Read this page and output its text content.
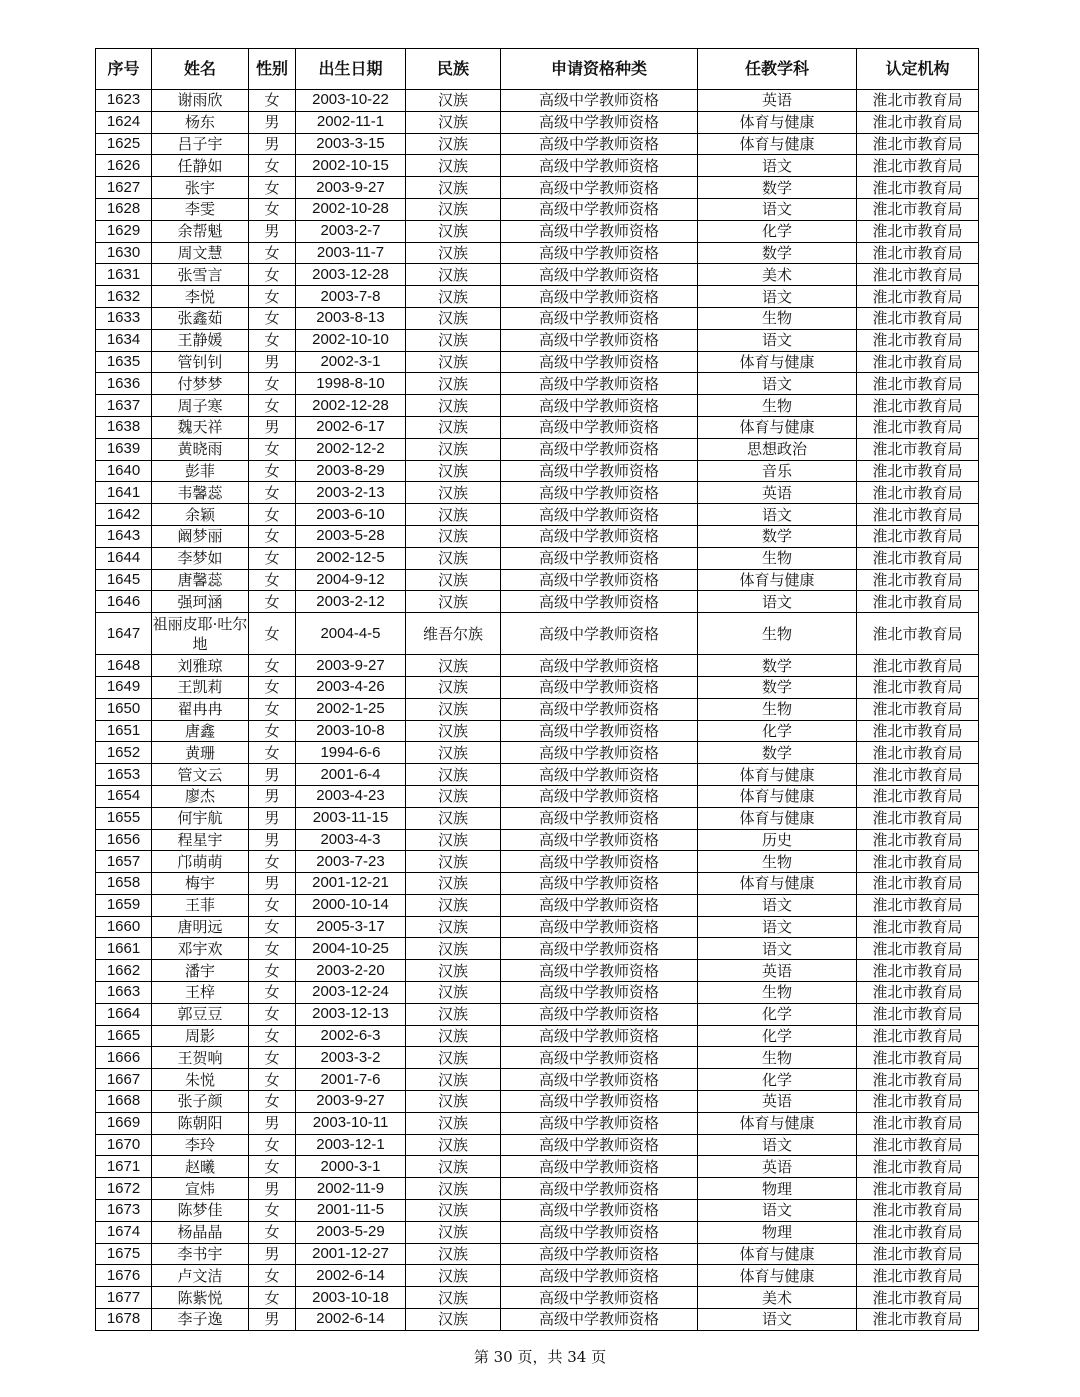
序号	姓名	性别	出生日期	民族	申请资格种类	任教学科	认定机构
1623	谢雨欣	女	2003-10-22	汉族	高级中学教师资格	英语	淮北市教育局
1624	杨东	男	2002-11-1	汉族	高级中学教师资格	体育与健康	淮北市教育局
1625	吕子宇	男	2003-3-15	汉族	高级中学教师资格	体育与健康	淮北市教育局
1626	任静如	女	2002-10-15	汉族	高级中学教师资格	语文	淮北市教育局
1627	张宇	女	2003-9-27	汉族	高级中学教师资格	数学	淮北市教育局
1628	李雯	女	2002-10-28	汉族	高级中学教师资格	语文	淮北市教育局
1629	余帮魁	男	2003-2-7	汉族	高级中学教师资格	化学	淮北市教育局
1630	周文慧	女	2003-11-7	汉族	高级中学教师资格	数学	淮北市教育局
1631	张雪言	女	2003-12-28	汉族	高级中学教师资格	美术	淮北市教育局
1632	李悦	女	2003-7-8	汉族	高级中学教师资格	语文	淮北市教育局
1633	张鑫茹	女	2003-8-13	汉族	高级中学教师资格	生物	淮北市教育局
1634	王静媛	女	2002-10-10	汉族	高级中学教师资格	语文	淮北市教育局
1635	管钊钊	男	2002-3-1	汉族	高级中学教师资格	体育与健康	淮北市教育局
1636	付梦梦	女	1998-8-10	汉族	高级中学教师资格	语文	淮北市教育局
1637	周子寒	女	2002-12-28	汉族	高级中学教师资格	生物	淮北市教育局
1638	魏天祥	男	2002-6-17	汉族	高级中学教师资格	体育与健康	淮北市教育局
1639	黄晓雨	女	2002-12-2	汉族	高级中学教师资格	思想政治	淮北市教育局
1640	彭菲	女	2003-8-29	汉族	高级中学教师资格	音乐	淮北市教育局
1641	韦馨蕊	女	2003-2-13	汉族	高级中学教师资格	英语	淮北市教育局
1642	余颖	女	2003-6-10	汉族	高级中学教师资格	语文	淮北市教育局
1643	阚梦丽	女	2003-5-28	汉族	高级中学教师资格	数学	淮北市教育局
1644	李梦如	女	2002-12-5	汉族	高级中学教师资格	生物	淮北市教育局
1645	唐馨蕊	女	2004-9-12	汉族	高级中学教师资格	体育与健康	淮北市教育局
1646	强珂涵	女	2003-2-12	汉族	高级中学教师资格	语文	淮北市教育局
1647	祖丽皮耶·吐尔地	女	2004-4-5	维吾尔族	高级中学教师资格	生物	淮北市教育局
1648	刘雅琼	女	2003-9-27	汉族	高级中学教师资格	数学	淮北市教育局
1649	王凯莉	女	2003-4-26	汉族	高级中学教师资格	数学	淮北市教育局
1650	翟冉冉	女	2002-1-25	汉族	高级中学教师资格	生物	淮北市教育局
1651	唐鑫	女	2003-10-8	汉族	高级中学教师资格	化学	淮北市教育局
1652	黄珊	女	1994-6-6	汉族	高级中学教师资格	数学	淮北市教育局
1653	管文云	男	2001-6-4	汉族	高级中学教师资格	体育与健康	淮北市教育局
1654	廖杰	男	2003-4-23	汉族	高级中学教师资格	体育与健康	淮北市教育局
1655	何宇航	男	2003-11-15	汉族	高级中学教师资格	体育与健康	淮北市教育局
1656	程星宇	男	2003-4-3	汉族	高级中学教师资格	历史	淮北市教育局
1657	邝萌萌	女	2003-7-23	汉族	高级中学教师资格	生物	淮北市教育局
1658	梅宇	男	2001-12-21	汉族	高级中学教师资格	体育与健康	淮北市教育局
1659	王菲	女	2000-10-14	汉族	高级中学教师资格	语文	淮北市教育局
1660	唐明远	女	2005-3-17	汉族	高级中学教师资格	语文	淮北市教育局
1661	邓宇欢	女	2004-10-25	汉族	高级中学教师资格	语文	淮北市教育局
1662	潘宇	女	2003-2-20	汉族	高级中学教师资格	英语	淮北市教育局
1663	王梓	女	2003-12-24	汉族	高级中学教师资格	生物	淮北市教育局
1664	郭豆豆	女	2003-12-13	汉族	高级中学教师资格	化学	淮北市教育局
1665	周影	女	2002-6-3	汉族	高级中学教师资格	化学	淮北市教育局
1666	王贺响	女	2003-3-2	汉族	高级中学教师资格	生物	淮北市教育局
1667	朱悦	女	2001-7-6	汉族	高级中学教师资格	化学	淮北市教育局
1668	张子颜	女	2003-9-27	汉族	高级中学教师资格	英语	淮北市教育局
1669	陈朝阳	男	2003-10-11	汉族	高级中学教师资格	体育与健康	淮北市教育局
1670	李玲	女	2003-12-1	汉族	高级中学教师资格	语文	淮北市教育局
1671	赵曦	女	2000-3-1	汉族	高级中学教师资格	英语	淮北市教育局
1672	宣炜	男	2002-11-9	汉族	高级中学教师资格	物理	淮北市教育局
1673	陈梦佳	女	2001-11-5	汉族	高级中学教师资格	语文	淮北市教育局
1674	杨晶晶	女	2003-5-29	汉族	高级中学教师资格	物理	淮北市教育局
1675	李书宇	男	2001-12-27	汉族	高级中学教师资格	体育与健康	淮北市教育局
1676	卢文洁	女	2002-6-14	汉族	高级中学教师资格	体育与健康	淮北市教育局
1677	陈紫悦	女	2003-10-18	汉族	高级中学教师资格	美术	淮北市教育局
1678	李子逸	男	2002-6-14	汉族	高级中学教师资格	语文	淮北市教育局
第 30 页，共 34 页
